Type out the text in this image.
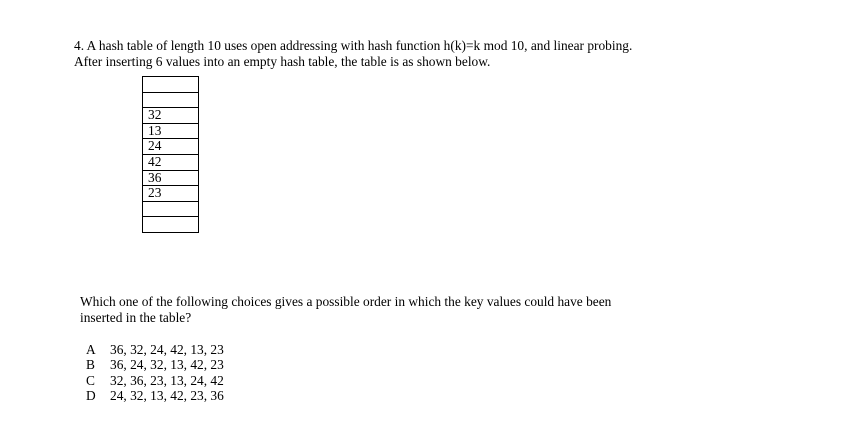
4. A hash table of length 10 uses open addressing with hash function h(k)=k mod 10, and linear probing.
After inserting 6 values into an empty hash table, the table is as shown below.

32
13
24
42
36
23

Which one of the following choices gives a possible order in which the key values could have been
inserted in the table?
A	36, 32, 24, 42, 13, 23
B	36, 24, 32, 13, 42, 23
C	32, 36, 23, 13, 24, 42
D	24, 32, 13, 42, 23, 36
